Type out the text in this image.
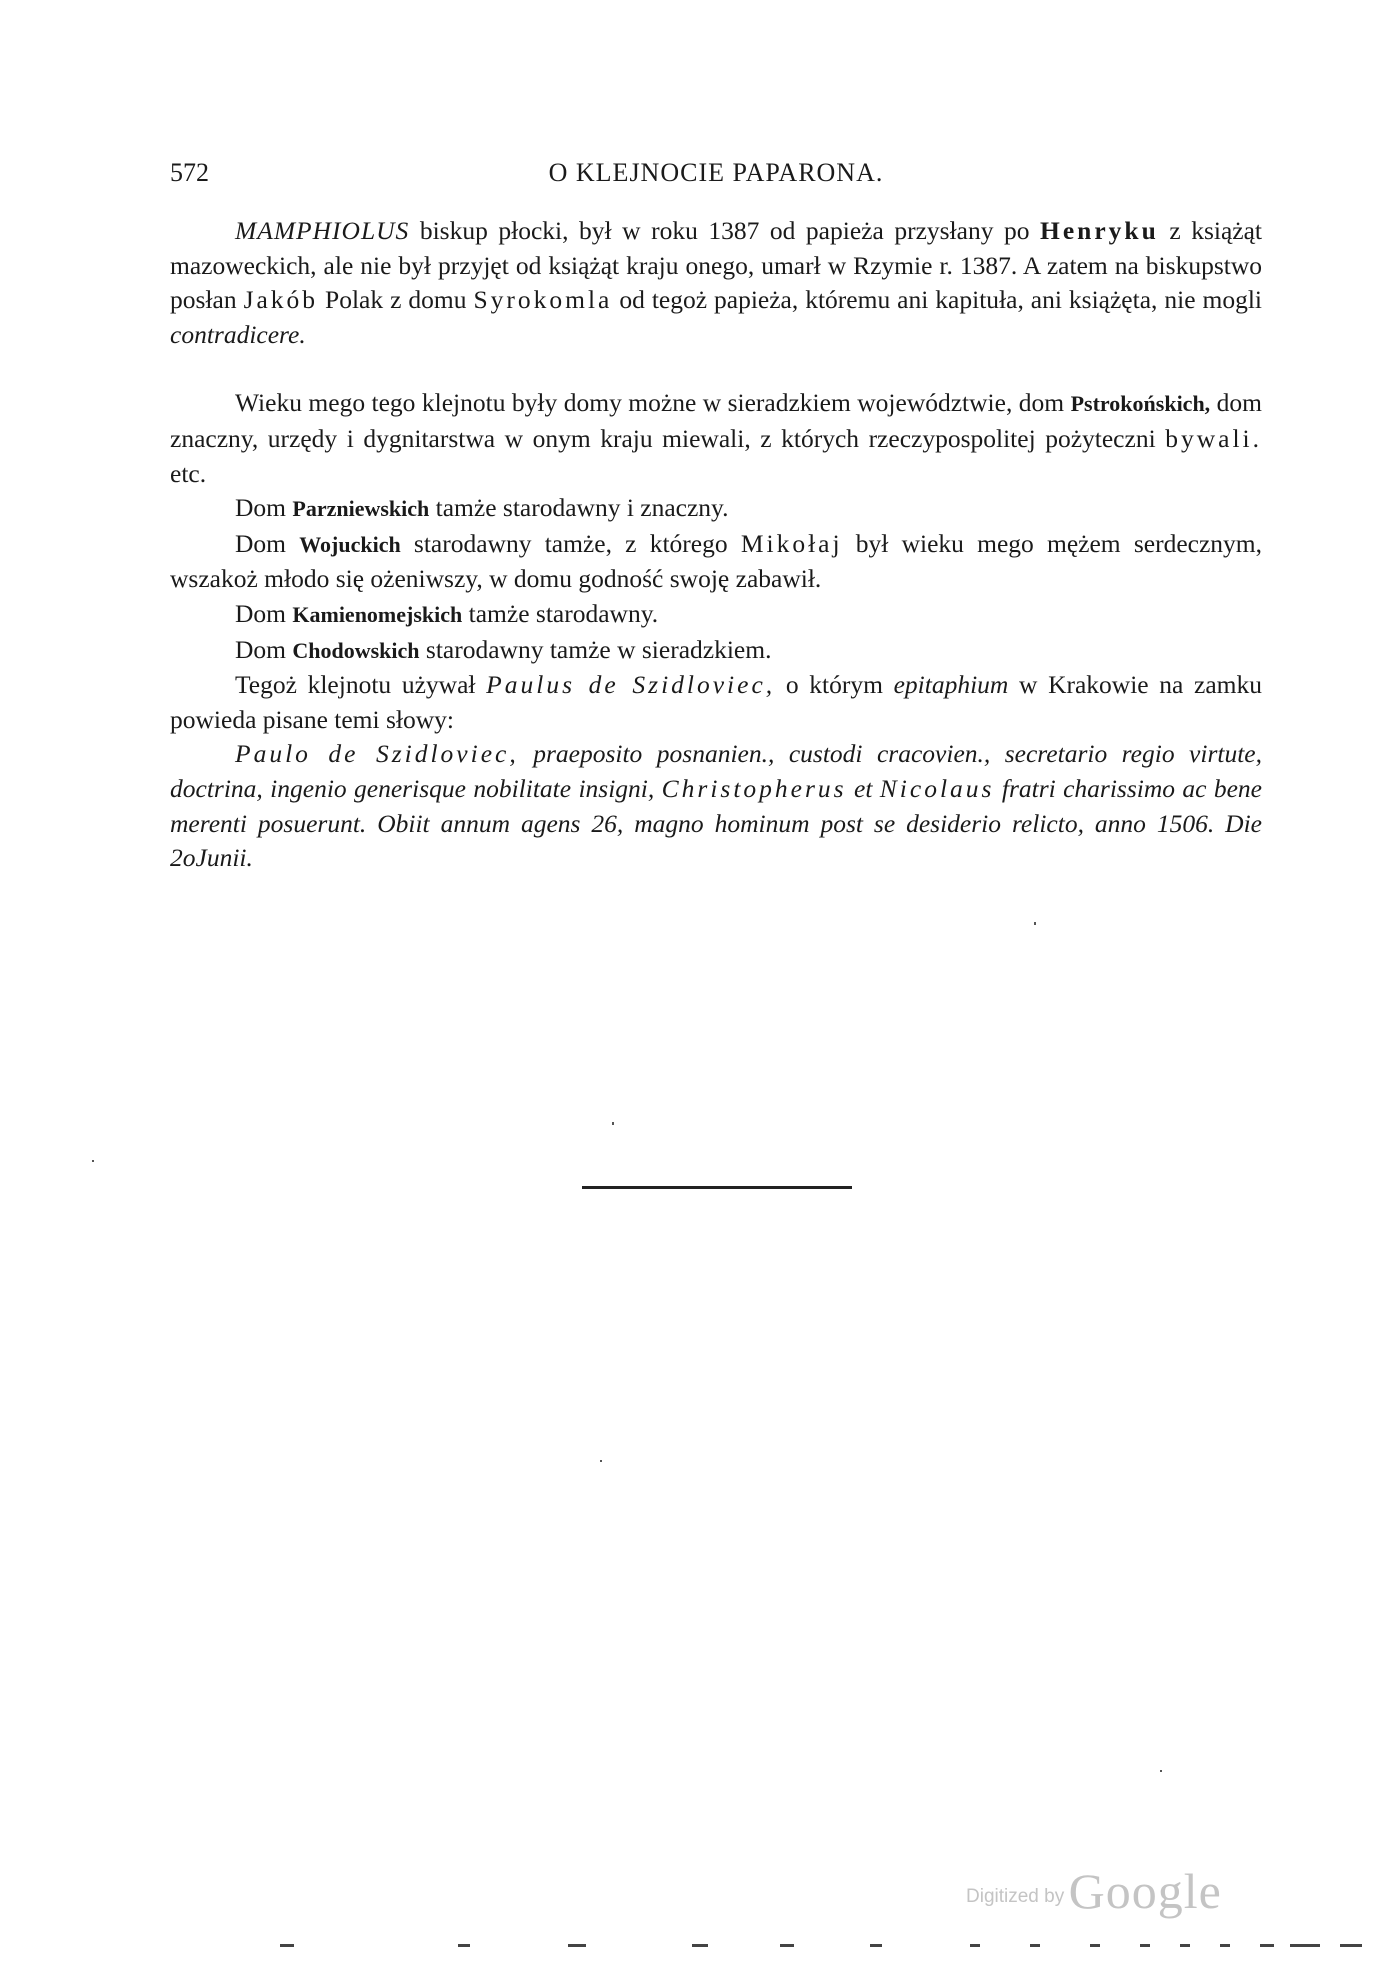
572	O KLEJNOCIE PAPARONA.

MAMPHIOLUS biskup płocki, był w roku 1387 od papieża przysłany po Henryku z książąt mazoweckich, ale nie był przyjęt od książąt kraju onego, umarł w Rzymie r. 1387. A zatem na biskupstwo posłan Jakób Polak z domu Syrokomla od tegoż papieża, któremu ani kapituła, ani książęta, nie mogli contradicere.

Wieku mego tego klejnotu były domy możne w sieradzkiem województwie, dom Pstrokońskich, dom znaczny, urzędy i dygnitarstwa w onym kraju miewali, z których rzeczypospolitej pożyteczni bywali. etc.

Dom Parzniewskich tamże starodawny i znaczny.

Dom Wojuckich starodawny tamże, z którego Mikołaj był wieku mego mężem serdecznym, wszakoż młodo się ożeniwszy, w domu godność swoję zabawił.

Dom Kamienomejskich tamże starodawny.

Dom Chodowskich starodawny tamże w sieradzkiem.

Tegoż klejnotu używał Paulus de Szidloviec, o którym epitaphium w Krakowie na zamku powieda pisane temi słowy:

Paulo de Szidloviec, praeposito posnanien., custodi cracovien., secretario regio virtute, doctrina, ingenio generisque nobilitate insigni, Christopherus et Nicolaus fratri charissimo ac bene merenti posuerunt. Obiit annum agens 26, magno hominum post se desiderio relicto, anno 1506. Die 2oJunii.

Digitized by Google
